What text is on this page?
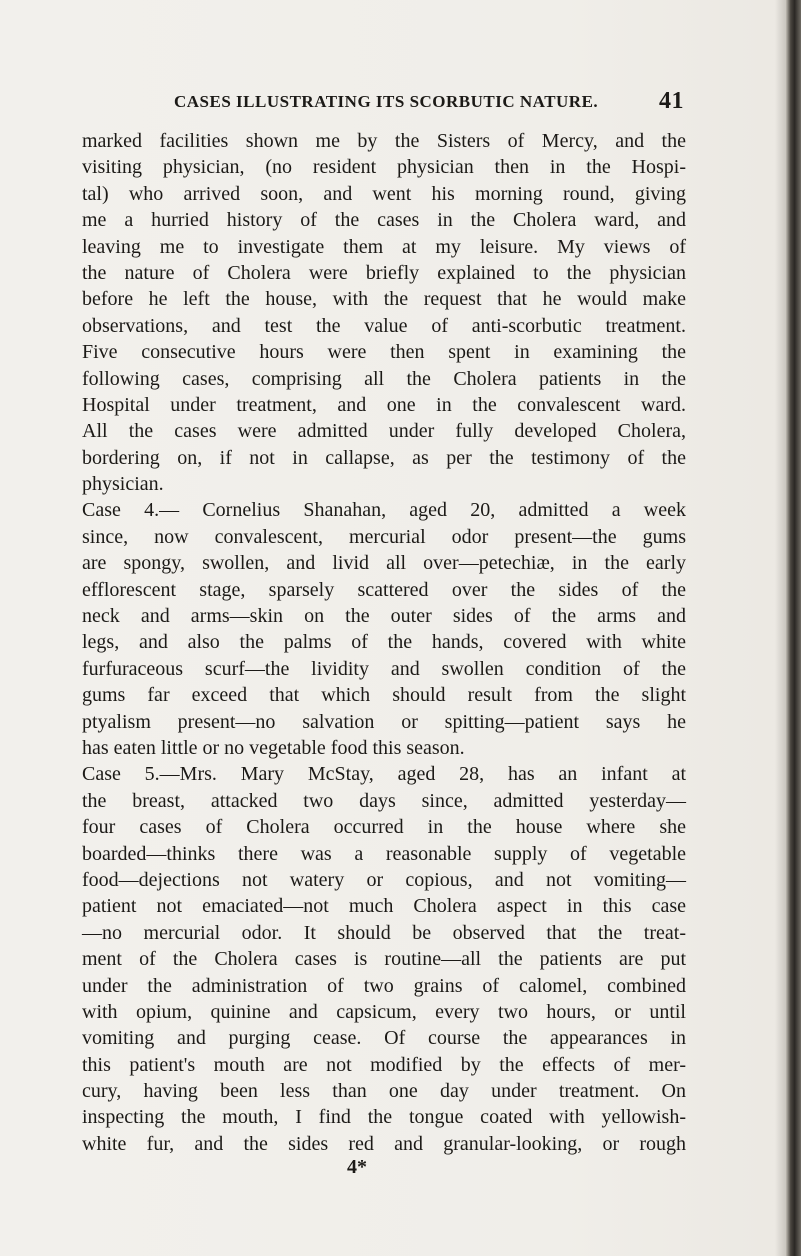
CASES ILLUSTRATING ITS SCORBUTIC NATURE.	41
marked facilities shown me by the Sisters of Mercy, and the
visiting physician, (no resident physician then in the Hospi-
tal) who arrived soon, and went his morning round, giving
me a hurried history of the cases in the Cholera ward, and
leaving me to investigate them at my leisure. My views of
the nature of Cholera were briefly explained to the physician
before he left the house, with the request that he would make
observations, and test the value of anti-scorbutic treatment.
Five consecutive hours were then spent in examining the
following cases, comprising all the Cholera patients in the
Hospital under treatment, and one in the convalescent ward.
All the cases were admitted under fully developed Cholera,
bordering on, if not in callapse, as per the testimony of the
physician.
Case 4.— Cornelius Shanahan, aged 20, admitted a week
since, now convalescent, mercurial odor present—the gums
are spongy, swollen, and livid all over—petechiæ, in the early
efflorescent stage, sparsely scattered over the sides of the
neck and arms—skin on the outer sides of the arms and
legs, and also the palms of the hands, covered with white
furfuraceous scurf—the lividity and swollen condition of the
gums far exceed that which should result from the slight
ptyalism present—no salvation or spitting—patient says he
has eaten little or no vegetable food this season.
Case 5.—Mrs. Mary McStay, aged 28, has an infant at
the breast, attacked two days since, admitted yesterday—
four cases of Cholera occurred in the house where she
boarded—thinks there was a reasonable supply of vegetable
food—dejections not watery or copious, and not vomiting—
patient not emaciated—not much Cholera aspect in this case
—no mercurial odor. It should be observed that the treat-
ment of the Cholera cases is routine—all the patients are put
under the administration of two grains of calomel, combined
with opium, quinine and capsicum, every two hours, or until
vomiting and purging cease. Of course the appearances in
this patient's mouth are not modified by the effects of mer-
cury, having been less than one day under treatment. On
inspecting the mouth, I find the tongue coated with yellowish-
white fur, and the sides red and granular-looking, or rough
4*
